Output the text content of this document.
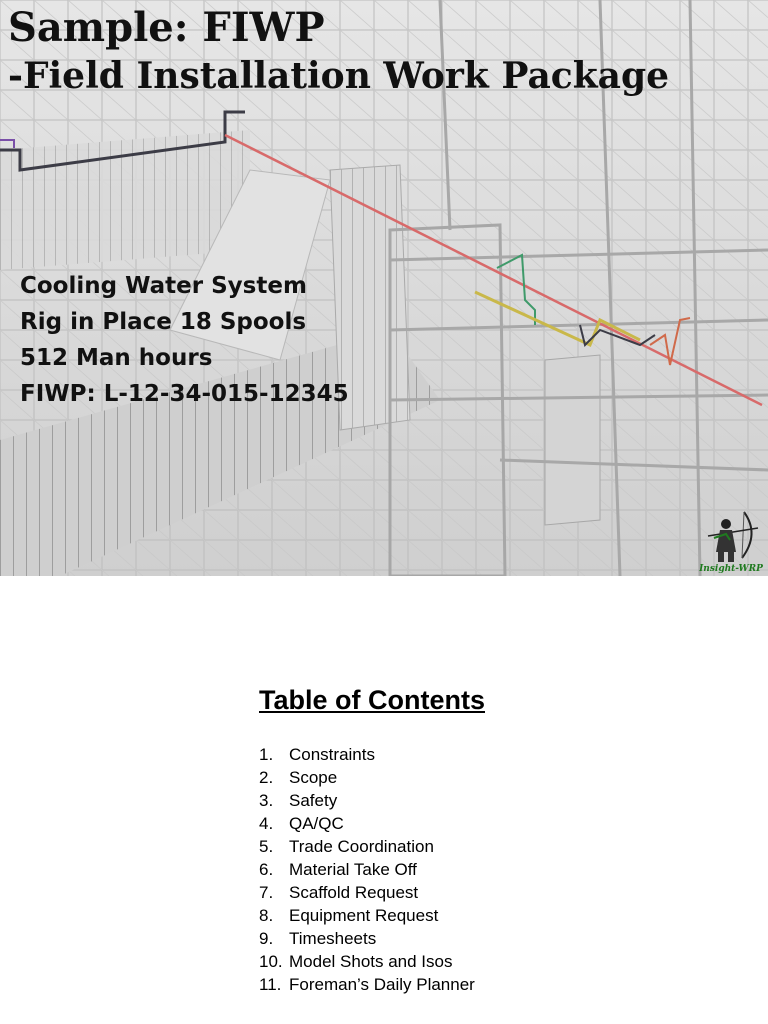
Sample: FIWP
-Field Installation Work Package
Cooling Water System
Rig in Place 18 Spools
512 Man hours
FIWP: L-12-34-015-12345
Insight-WRP
Table of Contents
1. Constraints
2. Scope
3. Safety
4. QA/QC
5. Trade Coordination
6. Material Take Off
7. Scaffold Request
8. Equipment Request
9. Timesheets
10. Model Shots and Isos
11. Foreman’s Daily Planner
